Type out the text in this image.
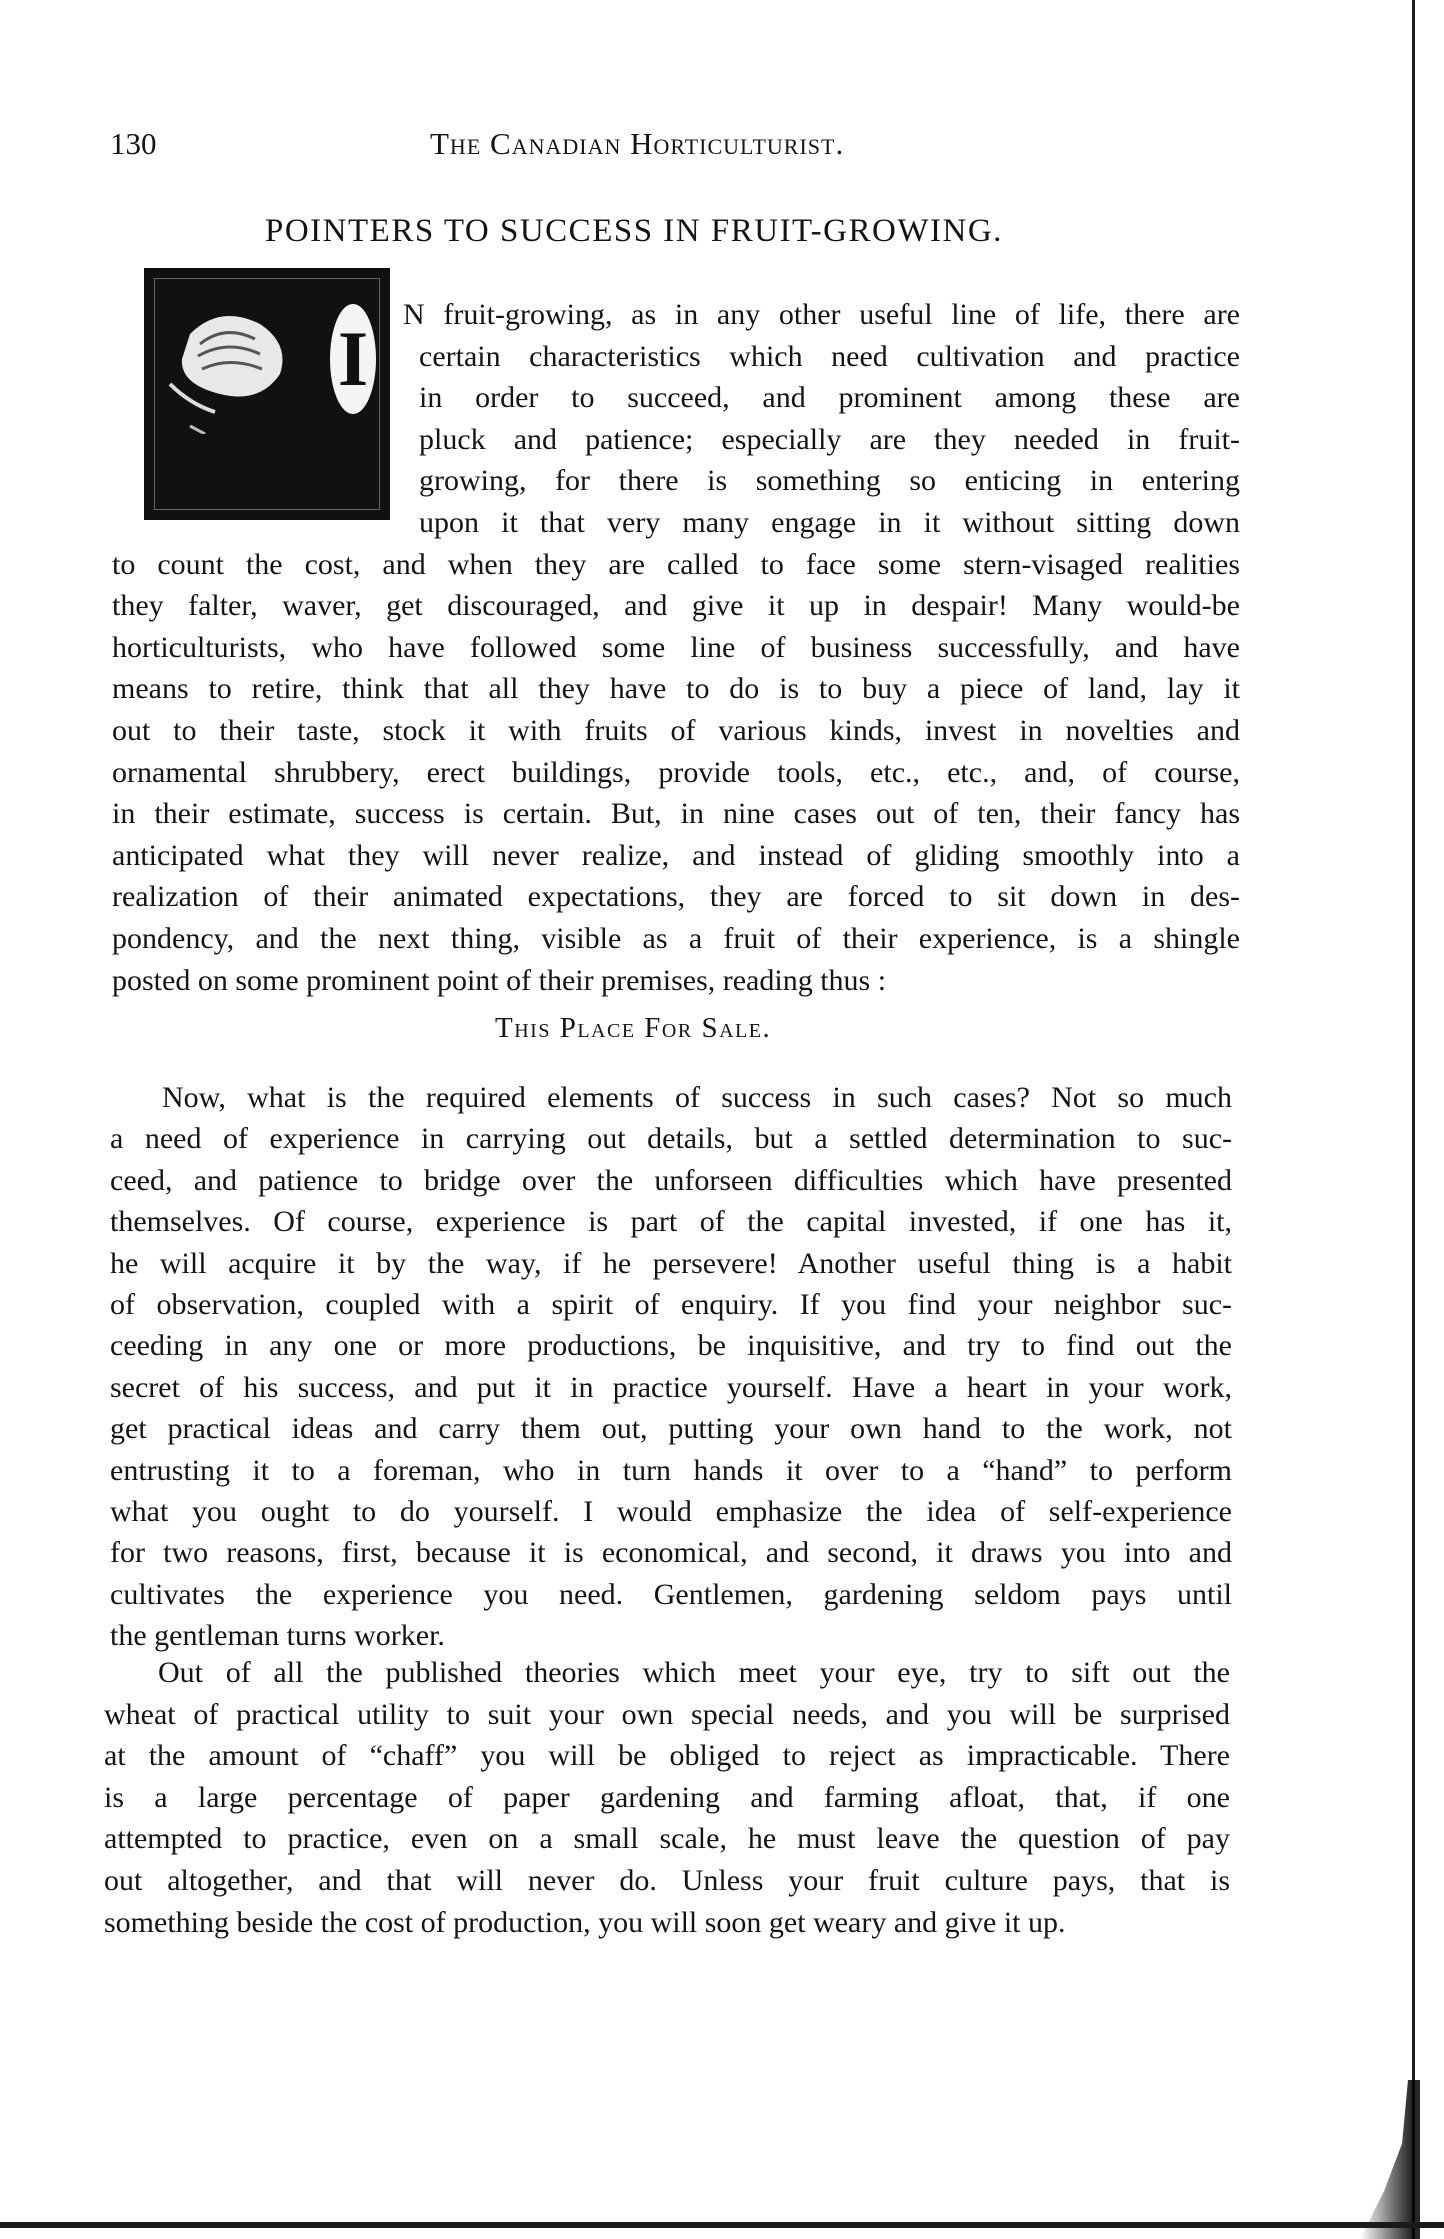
130	The Canadian Horticulturist.
POINTERS TO SUCCESS IN FRUIT-GROWING.
I
N fruit-growing, as in any other useful line of life, there are
certain characteristics which need cultivation and practice
in order to succeed, and prominent among these are
pluck and patience; especially are they needed in fruit-
growing, for there is something so enticing in entering
upon it that very many engage in it without sitting down
to count the cost, and when they are called to face some stern-visaged realities
they falter, waver, get discouraged, and give it up in despair! Many would-be
horticulturists, who have followed some line of business successfully, and have
means to retire, think that all they have to do is to buy a piece of land, lay it
out to their taste, stock it with fruits of various kinds, invest in novelties and
ornamental shrubbery, erect buildings, provide tools, etc., etc., and, of course,
in their estimate, success is certain. But, in nine cases out of ten, their fancy has
anticipated what they will never realize, and instead of gliding smoothly into a
realization of their animated expectations, they are forced to sit down in des-
pondency, and the next thing, visible as a fruit of their experience, is a shingle
posted on some prominent point of their premises, reading thus :
This Place For Sale.
Now, what is the required elements of success in such cases? Not so much
a need of experience in carrying out details, but a settled determination to suc-
ceed, and patience to bridge over the unforseen difficulties which have presented
themselves. Of course, experience is part of the capital invested, if one has it,
he will acquire it by the way, if he persevere! Another useful thing is a habit
of observation, coupled with a spirit of enquiry. If you find your neighbor suc-
ceeding in any one or more productions, be inquisitive, and try to find out the
secret of his success, and put it in practice yourself. Have a heart in your work,
get practical ideas and carry them out, putting your own hand to the work, not
entrusting it to a foreman, who in turn hands it over to a “hand” to perform
what you ought to do yourself. I would emphasize the idea of self-experience
for two reasons, first, because it is economical, and second, it draws you into and
cultivates the experience you need. Gentlemen, gardening seldom pays until
the gentleman turns worker.
Out of all the published theories which meet your eye, try to sift out the
wheat of practical utility to suit your own special needs, and you will be surprised
at the amount of “chaff” you will be obliged to reject as impracticable. There
is a large percentage of paper gardening and farming afloat, that, if one
attempted to practice, even on a small scale, he must leave the question of pay
out altogether, and that will never do. Unless your fruit culture pays, that is
something beside the cost of production, you will soon get weary and give it up.
